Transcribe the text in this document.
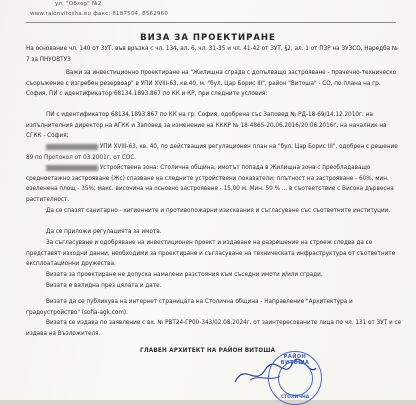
ул. "Обзор" №2
www.raionvitosha.eu факс: 8187504, 8562960
ВИЗА ЗА ПРОЕКТИРАНЕ
На основание чл. 140 от ЗУТ, във връзка с чл. 134, ал. 6, чл. 31-35 и чл. 41-42 от ЗУТ, §2, ал. 1 от ПЗР на ЗУЗСО, Наредба № 7 за ПНУОВТУЗ
Важи за инвестиционно проектиране на "Жилищна сграда с допълващо застрояване - прачечно-техническо съоръжение с изгребен резервоар" в УПИ XVIII-63, кв.40, м. "бул. Цар Борис III", район "Витоша" - СО, по плана на гр. София, ПИ с идентификатор 68134.1893.867 по КК и КР, при следните условия:
ПИ с идентификатор 68134.1893.867 по КК на гр. София, одобрена със Заповед № РД-18-69/14.12.2010г. на изпълнителния директор на АГКК и Заповед за изменение на КККР № 18-4865-20.06.2016/20.06.2016г. на началник на СГКК - София;
УПИ XVIII-63, кв. 40, по действащия регулационен план на "бул. Цар Борис III", одобрен с решение 89 по Протокол от 03.2001г. от СОС.
Устройствена зона: Столична община, имотът попада в Жилищна зона с преобладаващо средноетажно застрояване (Жс) спазване на следните устройствени показатели: плътност на застрояване - 60%, мин. озеленена площ - 35%; макс. височина на основно застрояване - 15,00 м. Мин. 50 % ... в съответствие с Висока дървесна растителност.
Да се спазят санитарно - хигиенните и противопожарни изисквания и съгласуване със съответните институции.
Да се приложи регулацията за имота.
За съгласуване и одобряване на инвестиционен проект и издаване на разрешение на строеж следва да се представят изходни данни, необходими за проектиране и съгласуване на техническата инфраструктура от съответните експлоатационни дружества.
Визата за проектиране не допуска намалени разстояния към съседни имоти и/или сгради.
Визата е валидна през цялата и дате.
Визата да се публикува на интернет страницата на Столична община - Направление "Архитектура и градоустройство" (sofia-agk.com).
Визата се издава по заявление с вх. № РВТ24-ГР00-343/02.08.2024г. от заинтересованите лица по чл. 131 от ЗУТ и се издава на Възложителя.
ГЛАВЕН АРХИТЕКТ НА РАЙОН ВИТОША
РАЙОН ВИТОША
СТОЛИЧНА
